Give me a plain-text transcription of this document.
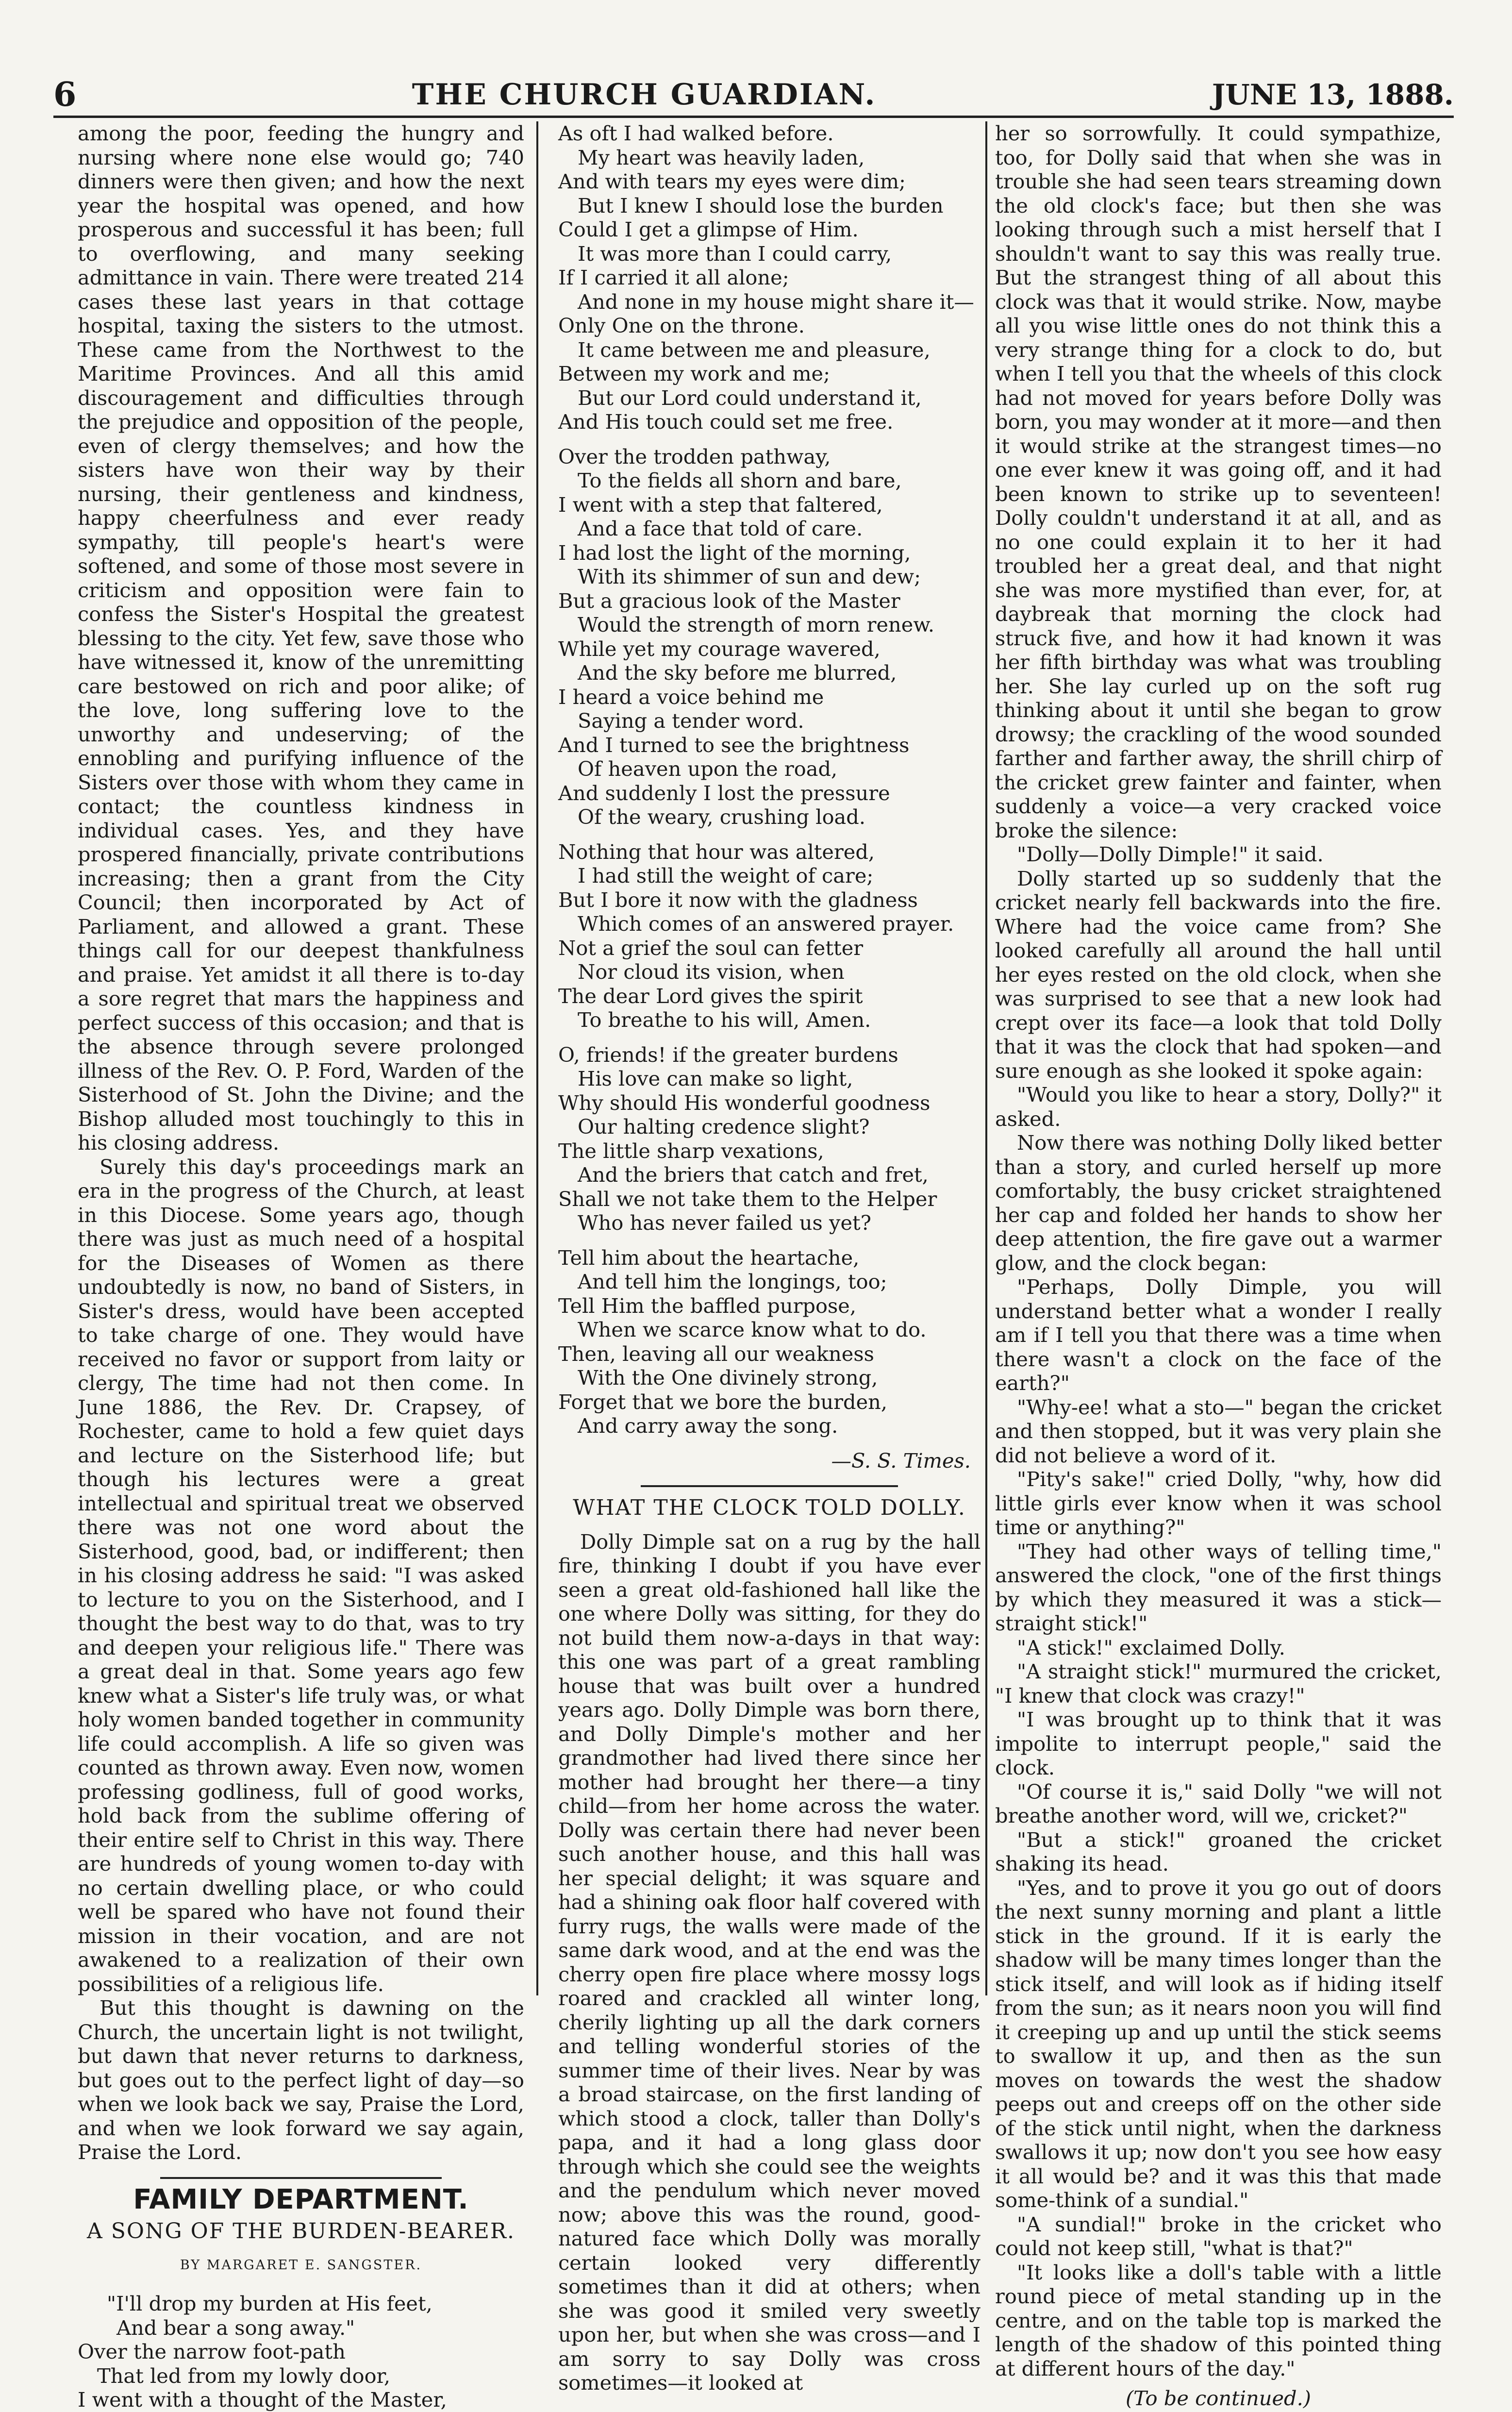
6	THE CHURCH GUARDIAN.	JUNE 13, 1888.

among the poor, feeding the hungry and nursing where none else would go; 740 dinners were then given; and how the next year the hospital was opened, and how prosperous and successful it has been; full to overflowing, and many seeking admittance in vain. There were treated 214 cases these last years in that cottage hospital, taxing the sisters to the utmost. These came from the Northwest to the Maritime Provinces. And all this amid discouragement and difficulties through the prejudice and opposition of the people, even of clergy themselves; and how the sisters have won their way by their nursing, their gentleness and kindness, happy cheerfulness and ever ready sympathy, till people's heart's were softened, and some of those most severe in criticism and opposition were fain to confess the Sister's Hospital the greatest blessing to the city. Yet few, save those who have witnessed it, know of the unremitting care bestowed on rich and poor alike; of the love, long suffering love to the unworthy and undeserving; of the ennobling and purifying influence of the Sisters over those with whom they came in contact; the countless kindness in individual cases. Yes, and they have prospered financially, private contributions increasing; then a grant from the City Council; then incorporated by Act of Parliament, and allowed a grant. These things call for our deepest thankfulness and praise. Yet amidst it all there is to-day a sore regret that mars the happiness and perfect success of this occasion; and that is the absence through severe prolonged illness of the Rev. O. P. Ford, Warden of the Sisterhood of St. John the Divine; and the Bishop alluded most touchingly to this in his closing address.

Surely this day's proceedings mark an era in the progress of the Church, at least in this Diocese. Some years ago, though there was just as much need of a hospital for the Diseases of Women as there undoubtedly is now, no band of Sisters, in Sister's dress, would have been accepted to take charge of one. They would have received no favor or support from laity or clergy, The time had not then come. In June 1886, the Rev. Dr. Crapsey, of Rochester, came to hold a few quiet days and lecture on the Sisterhood life; but though his lectures were a great intellectual and spiritual treat we observed there was not one word about the Sisterhood, good, bad, or indifferent; then in his closing address he said: "I was asked to lecture to you on the Sisterhood, and I thought the best way to do that, was to try and deepen your religious life." There was a great deal in that. Some years ago few knew what a Sister's life truly was, or what holy women banded together in community life could accomplish. A life so given was counted as thrown away. Even now, women professing godliness, full of good works, hold back from the sublime offering of their entire self to Christ in this way. There are hundreds of young women to-day with no certain dwelling place, or who could well be spared who have not found their mission in their vocation, and are not awakened to a realization of their own possibilities of a religious life.

But this thought is dawning on the Church, the uncertain light is not twilight, but dawn that never returns to darkness, but goes out to the perfect light of day—so when we look back we say, Praise the Lord, and when we look forward we say again, Praise the Lord.

FAMILY DEPARTMENT.
A SONG OF THE BURDEN-BEARER.
BY MARGARET E. SANGSTER.
"I'll drop my burden at His feet,
And bear a song away."
Over the narrow foot-path
That led from my lowly door,
I went with a thought of the Master,
As oft I had walked before.
My heart was heavily laden,
And with tears my eyes were dim;
But I knew I should lose the burden
Could I get a glimpse of Him.
It was more than I could carry,
If I carried it all alone;
And none in my house might share it—
Only One on the throne.
It came between me and pleasure,
Between my work and me;
But our Lord could understand it,
And His touch could set me free.
Over the trodden pathway,
To the fields all shorn and bare,
I went with a step that faltered,
And a face that told of care.
I had lost the light of the morning,
With its shimmer of sun and dew;
But a gracious look of the Master
Would the strength of morn renew.
While yet my courage wavered,
And the sky before me blurred,
I heard a voice behind me
Saying a tender word.
And I turned to see the brightness
Of heaven upon the road,
And suddenly I lost the pressure
Of the weary, crushing load.
Nothing that hour was altered,
I had still the weight of care;
But I bore it now with the gladness
Which comes of an answered prayer.
Not a grief the soul can fetter
Nor cloud its vision, when
The dear Lord gives the spirit
To breathe to his will, Amen.
O, friends! if the greater burdens
His love can make so light,
Why should His wonderful goodness
Our halting credence slight?
The little sharp vexations,
And the briers that catch and fret,
Shall we not take them to the Helper
Who has never failed us yet?
Tell him about the heartache,
And tell him the longings, too;
Tell Him the baffled purpose,
When we scarce know what to do.
Then, leaving all our weakness
With the One divinely strong,
Forget that we bore the burden,
And carry away the song.
—S. S. Times.
WHAT THE CLOCK TOLD DOLLY.

Dolly Dimple sat on a rug by the hall fire, thinking I doubt if you have ever seen a great old-fashioned hall like the one where Dolly was sitting, for they do not build them now-a-days in that way: this one was part of a great rambling house that was built over a hundred years ago. Dolly Dimple was born there, and Dolly Dimple's mother and her grandmother had lived there since her mother had brought her there—a tiny child—from her home across the water. Dolly was certain there had never been such another house, and this hall was her special delight; it was square and had a shining oak floor half covered with furry rugs, the walls were made of the same dark wood, and at the end was the cherry open fire place where mossy logs roared and crackled all winter long, cherily lighting up all the dark corners and telling wonderful stories of the summer time of their lives. Near by was a broad staircase, on the first landing of which stood a clock, taller than Dolly's papa, and it had a long glass door through which she could see the weights and the pendulum which never moved now; above this was the round, good-natured face which Dolly was morally certain looked very differently sometimes than it did at others; when she was good it smiled very sweetly upon her, but when she was cross—and I am sorry to say Dolly was cross sometimes—it looked at

her so sorrowfully. It could sympathize, too, for Dolly said that when she was in trouble she had seen tears streaming down the old clock's face; but then she was looking through such a mist herself that I shouldn't want to say this was really true. But the strangest thing of all about this clock was that it would strike. Now, maybe all you wise little ones do not think this a very strange thing for a clock to do, but when I tell you that the wheels of this clock had not moved for years before Dolly was born, you may wonder at it more—and then it would strike at the strangest times—no one ever knew it was going off, and it had been known to strike up to seventeen! Dolly couldn't understand it at all, and as no one could explain it to her it had troubled her a great deal, and that night she was more mystified than ever, for, at daybreak that morning the clock had struck five, and how it had known it was her fifth birthday was what was troubling her. She lay curled up on the soft rug thinking about it until she began to grow drowsy; the crackling of the wood sounded farther and farther away, the shrill chirp of the cricket grew fainter and fainter, when suddenly a voice—a very cracked voice broke the silence:

"Dolly—Dolly Dimple!" it said.

Dolly started up so suddenly that the cricket nearly fell backwards into the fire. Where had the voice came from? She looked carefully all around the hall until her eyes rested on the old clock, when she was surprised to see that a new look had crept over its face—a look that told Dolly that it was the clock that had spoken—and sure enough as she looked it spoke again:

"Would you like to hear a story, Dolly?" it asked.

Now there was nothing Dolly liked better than a story, and curled herself up more comfortably, the busy cricket straightened her cap and folded her hands to show her deep attention, the fire gave out a warmer glow, and the clock began:

"Perhaps, Dolly Dimple, you will understand better what a wonder I really am if I tell you that there was a time when there wasn't a clock on the face of the earth?"

"Why-ee! what a sto—" began the cricket and then stopped, but it was very plain she did not believe a word of it.

"Pity's sake!" cried Dolly, "why, how did little girls ever know when it was school time or anything?"

"They had other ways of telling time," answered the clock, "one of the first things by which they measured it was a stick—straight stick!"

"A stick!" exclaimed Dolly.

"A straight stick!" murmured the cricket, "I knew that clock was crazy!"

"I was brought up to think that it was impolite to interrupt people," said the clock.

"Of course it is," said Dolly "we will not breathe another word, will we, cricket?"

"But a stick!" groaned the cricket shaking its head.

"Yes, and to prove it you go out of doors the next sunny morning and plant a little stick in the ground. If it is early the shadow will be many times longer than the stick itself, and will look as if hiding itself from the sun; as it nears noon you will find it creeping up and up until the stick seems to swallow it up, and then as the sun moves on towards the west the shadow peeps out and creeps off on the other side of the stick until night, when the darkness swallows it up; now don't you see how easy it all would be? and it was this that made some-think of a sundial."

"A sundial!" broke in the cricket who could not keep still, "what is that?"

"It looks like a doll's table with a little round piece of metal standing up in the centre, and on the table top is marked the length of the shadow of this pointed thing at different hours of the day."

(To be continued.)
